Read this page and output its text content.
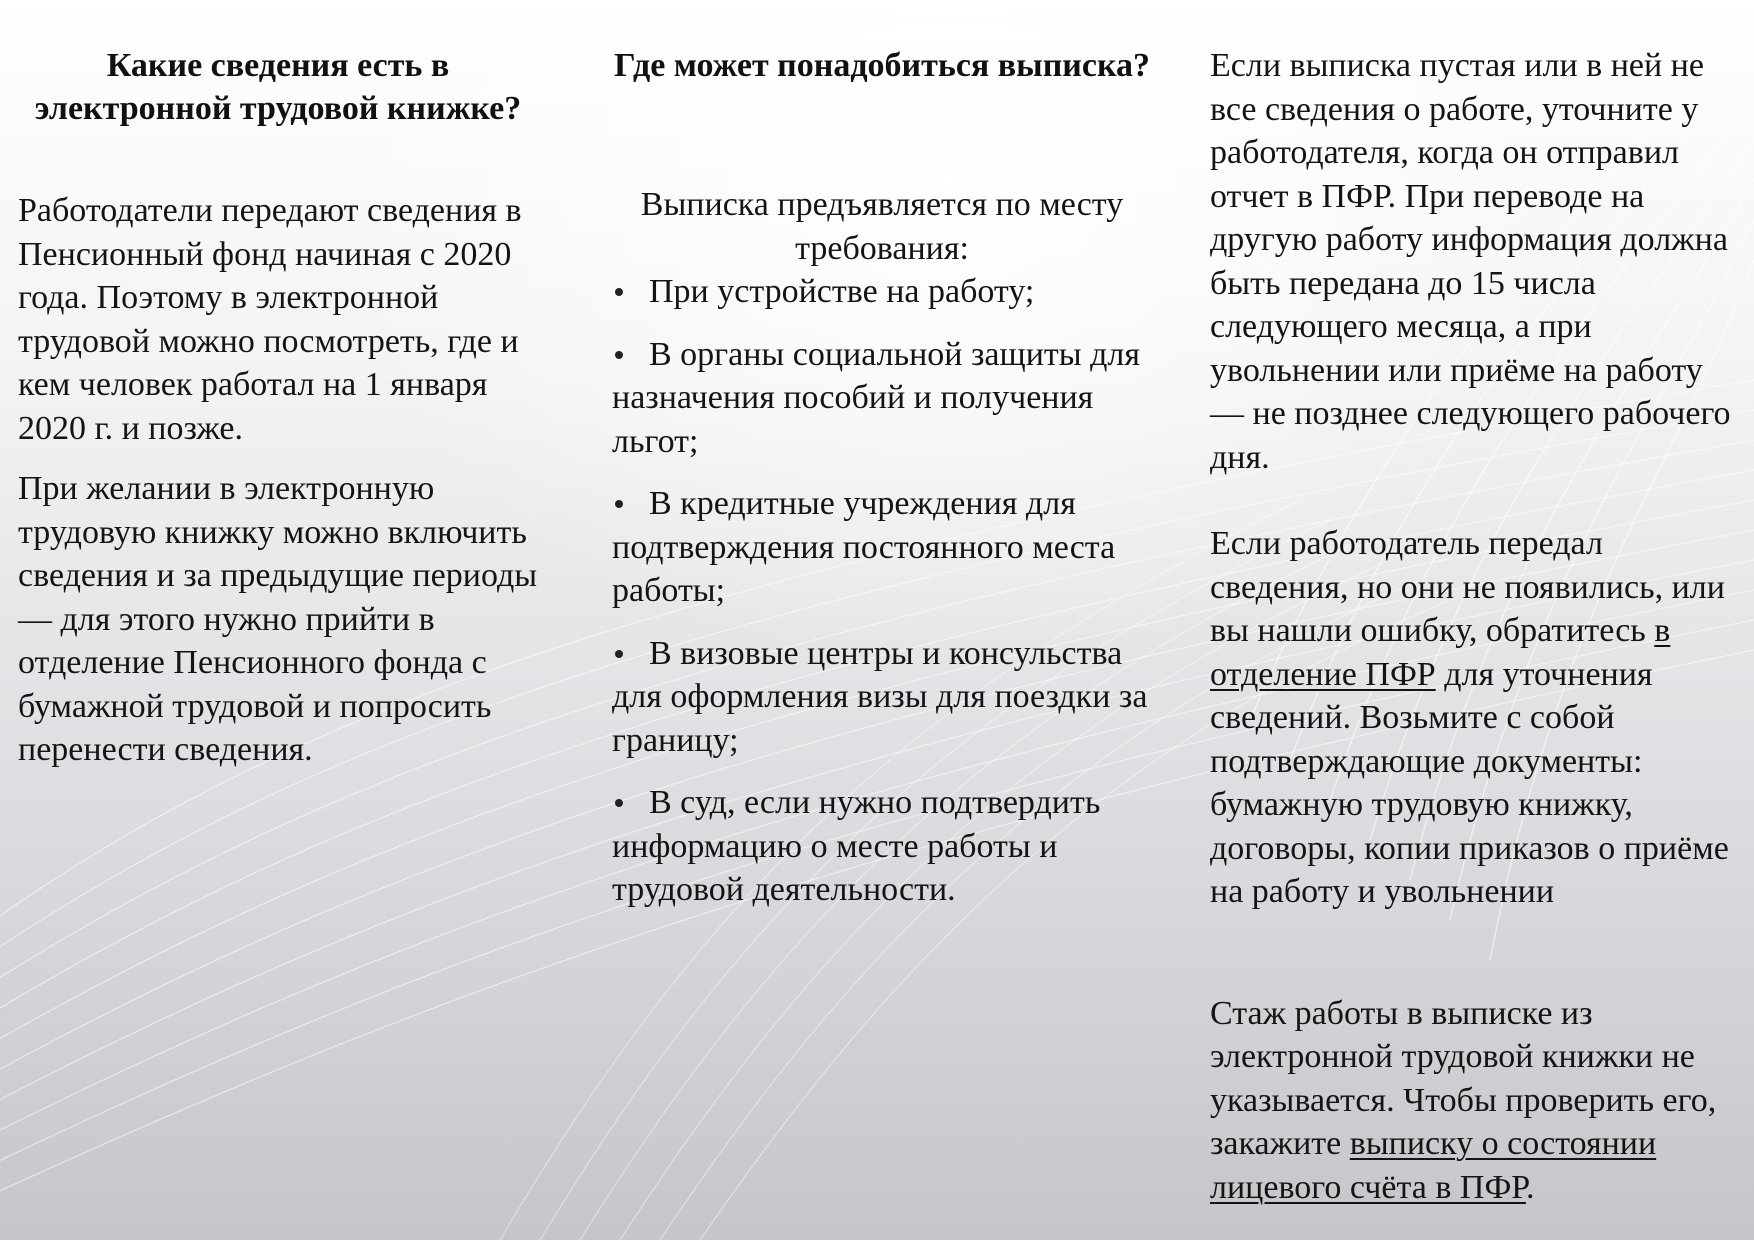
Какие сведения есть в электронной трудовой книжке?

Работодатели передают сведения в Пенсионный фонд начиная с 2020 года. Поэтому в электронной трудовой можно посмотреть, где и кем человек работал на 1 января 2020 г. и позже.

При желании в электронную трудовую книжку можно включить сведения и за предыдущие периоды — для этого нужно прийти в отделение Пенсионного фонда с бумажной трудовой и попросить перенести сведения.

Где может понадобиться выписка?

Выписка предъявляется по месту требования:

При устройстве на работу;
В органы социальной защиты для назначения пособий и получения льгот;
В кредитные учреждения для подтверждения постоянного места работы;
В визовые центры и консульства для оформления визы для поездки за границу;
В суд, если нужно подтвердить информацию о месте работы и трудовой деятельности.

Если выписка пустая или в ней не все сведения о работе, уточните у работодателя, когда он отправил отчет в ПФР. При переводе на другую работу информация должна быть передана до 15 числа следующего месяца, а при увольнении или приёме на работу — не позднее следующего рабочего дня.

Если работодатель передал сведения, но они не появились, или вы нашли ошибку, обратитесь в отделение ПФР для уточнения сведений. Возьмите с собой подтверждающие документы: бумажную трудовую книжку, договоры, копии приказов о приёме на работу и увольнении

Стаж работы в выписке из электронной трудовой книжки не указывается. Чтобы проверить его, закажите выписку о состоянии лицевого счёта в ПФР.
